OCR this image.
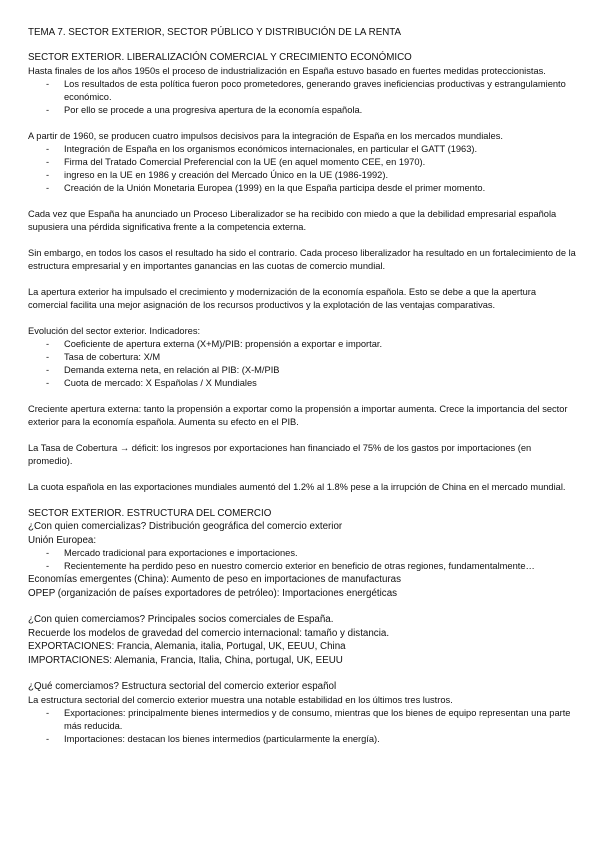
TEMA 7. SECTOR EXTERIOR, SECTOR PÚBLICO Y DISTRIBUCIÓN DE LA RENTA
SECTOR EXTERIOR. LIBERALIZACIÓN COMERCIAL Y CRECIMIENTO ECONÓMICO

Hasta finales de los años 1950s el proceso de industrialización en España estuvo basado en fuertes medidas proteccionistas.

- Los resultados de esta política fueron poco prometedores, generando graves ineficiencias productivas y estrangulamiento económico.
- Por ello se procede a una progresiva apertura de la economía española.

A partir de 1960, se producen cuatro impulsos decisivos para la integración de España en los mercados mundiales.

- Integración de España en los organismos económicos internacionales, en particular el GATT (1963).
- Firma del Tratado Comercial Preferencial con la UE (en aquel momento CEE, en 1970).
- ingreso en la UE en 1986 y creación del Mercado Único en la UE (1986-1992).
- Creación de la Unión Monetaria Europea (1999) en la que España participa desde el primer momento.

Cada vez que España ha anunciado un Proceso Liberalizador se ha recibido con miedo a que la debilidad empresarial española supusiera una pérdida significativa frente a la competencia externa.

Sin embargo, en todos los casos el resultado ha sido el contrario. Cada proceso liberalizador ha resultado en un fortalecimiento de la estructura empresarial y en importantes ganancias en las cuotas de comercio mundial.

La apertura exterior ha impulsado el crecimiento y modernización de la economía española. Esto se debe a que la apertura comercial facilita una mejor asignación de los recursos productivos y la explotación de las ventajas comparativas.

Evolución del sector exterior. Indicadores:

- Coeficiente de apertura externa (X+M)/PIB: propensión a exportar e importar.
- Tasa de cobertura: X/M
- Demanda externa neta, en relación al PIB: (X-M/PIB
- Cuota de mercado: X Españolas / X Mundiales

Creciente apertura externa: tanto la propensión a exportar como la propensión a importar aumenta. Crece la importancia del sector exterior para la economía española. Aumenta su efecto en el PIB.

La Tasa de Cobertura → déficit: los ingresos por exportaciones han financiado el 75% de los gastos por importaciones (en promedio).

La cuota española en las exportaciones mundiales aumentó del 1.2% al 1.8% pese a la irrupción de China en el mercado mundial.

SECTOR EXTERIOR. ESTRUCTURA DEL COMERCIO
¿Con quien comercializas? Distribución geográfica del comercio exterior
Unión Europea:
- Mercado tradicional para exportaciones e importaciones.
- Recientemente ha perdido peso en nuestro comercio exterior en beneficio de otras regiones, fundamentalmente…
Economías emergentes (China): Aumento de peso en importaciones de manufacturas
OPEP (organización de países exportadores de petróleo): Importaciones energéticas
¿Con quien comerciamos? Principales socios comerciales de España.
Recuerde los modelos de gravedad del comercio internacional: tamaño y distancia.
EXPORTACIONES: Francia, Alemania, italia, Portugal, UK, EEUU, China
IMPORTACIONES: Alemania, Francia, Italia, China, portugal, UK, EEUU
¿Qué comerciamos? Estructura sectorial del comercio exterior español

La estructura sectorial del comercio exterior muestra una notable estabilidad en los últimos tres lustros.

- Exportaciones: principalmente bienes intermedios y de consumo, mientras que los bienes de equipo representan una parte más reducida.
- Importaciones: destacan los bienes intermedios (particularmente la energía).
